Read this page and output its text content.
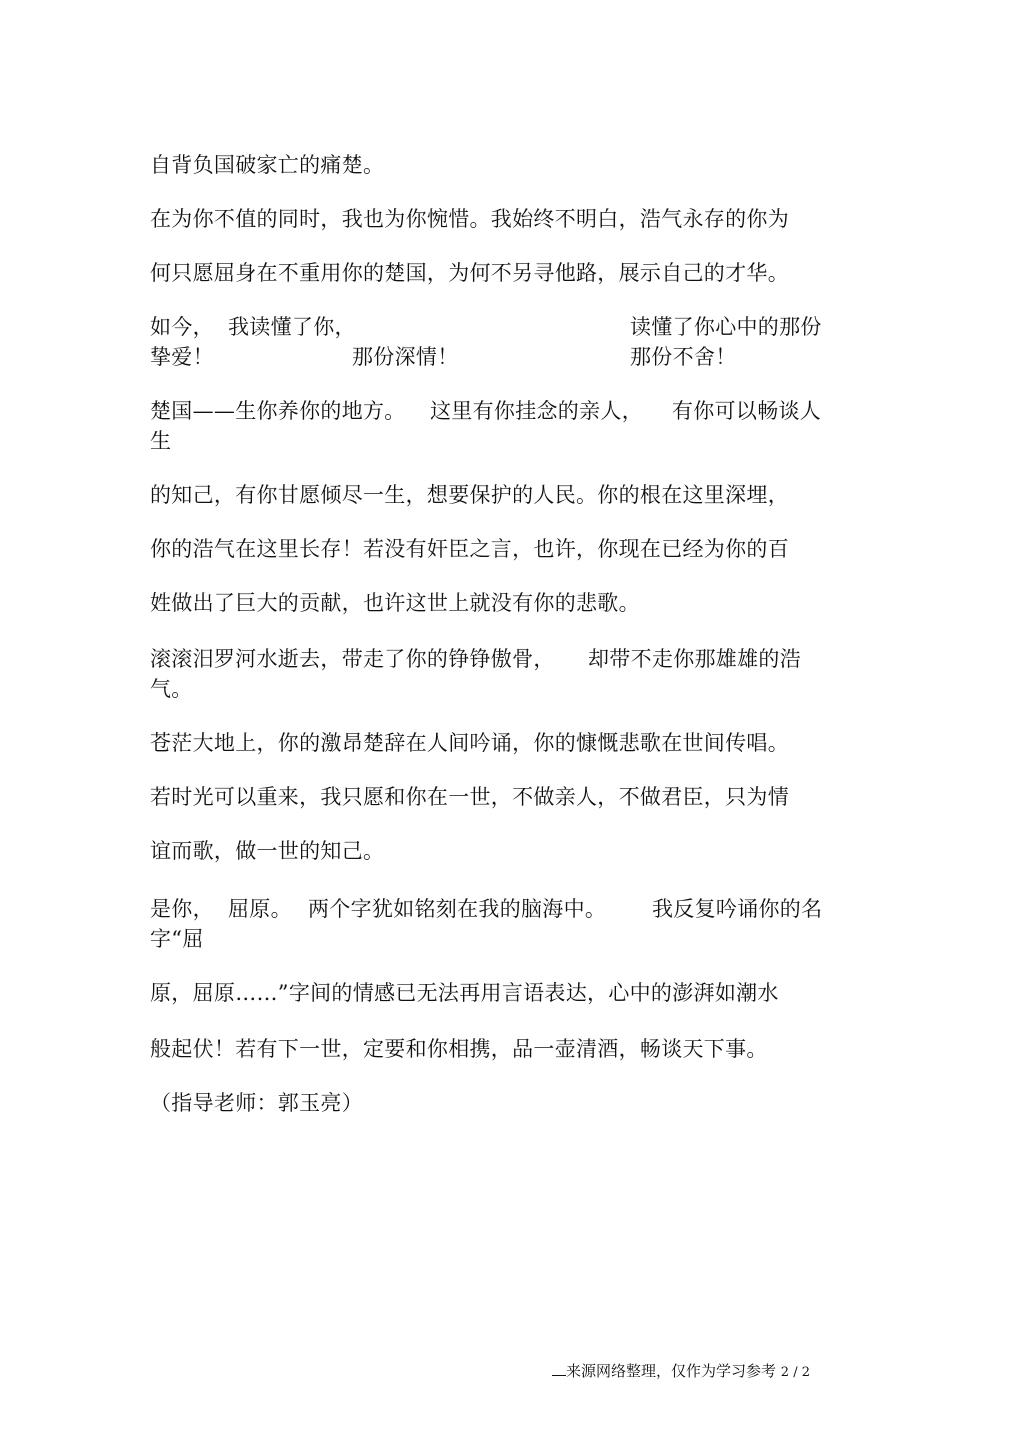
自背负国破家亡的痛楚。
在为你不值的同时，我也为你惋惜。我始终不明白，浩气永存的你为
何只愿屈身在不重用你的楚国，为何不另寻他路，展示自己的才华。
如今， 我读懂了你，	读懂了你心中的那份
挚爱！	那份深情！	那份不舍！
楚国——生你养你的地方。 这里有你挂念的亲人， 有你可以畅谈人
生
的知己，有你甘愿倾尽一生，想要保护的人民。你的根在这里深埋，
你的浩气在这里长存！若没有奸臣之言，也许，你现在已经为你的百
姓做出了巨大的贡献，也许这世上就没有你的悲歌。
滚滚汨罗河水逝去，带走了你的铮铮傲骨， 却带不走你那雄雄的浩
气。
苍茫大地上，你的激昂楚辞在人间吟诵，你的慷慨悲歌在世间传唱。
若时光可以重来，我只愿和你在一世，不做亲人，不做君臣，只为情
谊而歌，做一世的知己。
是你， 屈原。 两个字犹如铭刻在我的脑海中。 我反复吟诵你的名
字“屈
原，屈原……”字间的情感已无法再用言语表达，心中的澎湃如潮水
般起伏！若有下一世，定要和你相携，品一壶清酒，畅谈天下事。
（指导老师：郭玉亮）
来源网络整理，仅作为学习参考 2 / 2
